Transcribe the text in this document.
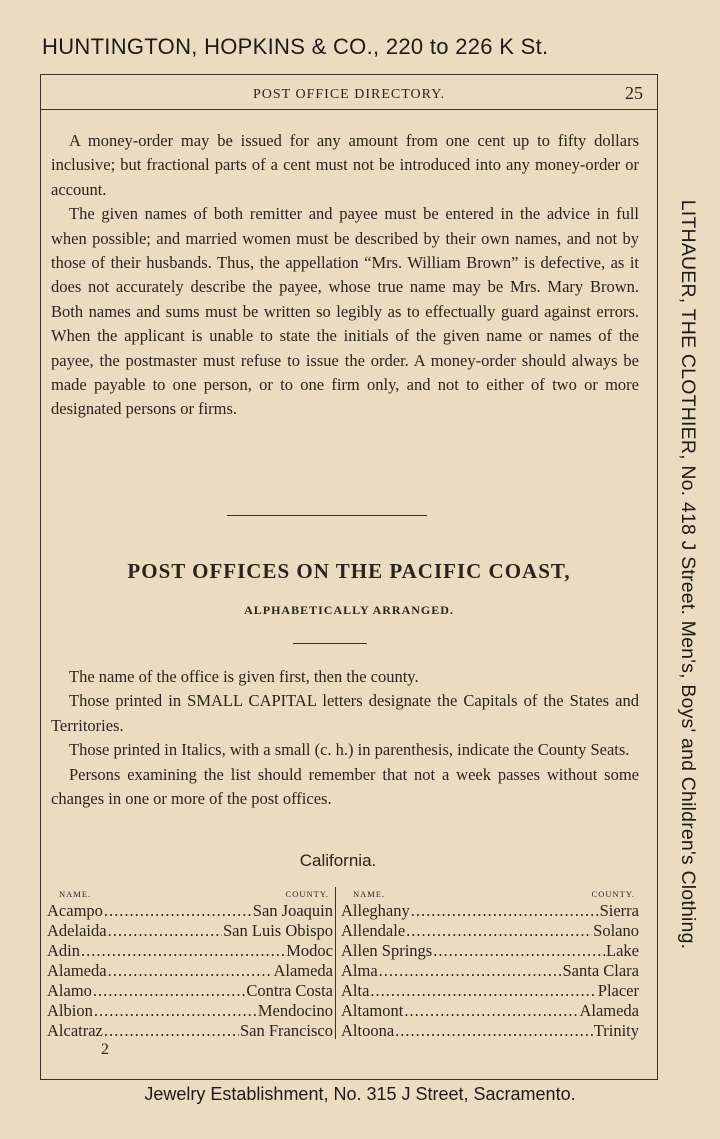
HUNTINGTON, HOPKINS & CO., 220 to 226 K St.
POST OFFICE DIRECTORY.	25

A money-order may be issued for any amount from one cent up to fifty dollars inclusive; but fractional parts of a cent must not be introduced into any money-order or account.

The given names of both remitter and payee must be entered in the advice in full when possible; and married women must be described by their own names, and not by those of their husbands. Thus, the appellation “Mrs. William Brown” is defective, as it does not accurately describe the payee, whose true name may be Mrs. Mary Brown. Both names and sums must be written so legibly as to effectually guard against errors. When the applicant is unable to state the initials of the given name or names of the payee, the postmaster must refuse to issue the order. A money-order should always be made payable to one person, or to one firm only, and not to either of two or more designated persons or firms.

POST OFFICES ON THE PACIFIC COAST,
ALPHABETICALLY ARRANGED.

The name of the office is given first, then the county.

Those printed in SMALL CAPITAL letters designate the Capitals of the States and Territories.

Those printed in Italics, with a small (c. h.) in parenthesis, indicate the County Seats.

Persons examining the list should remember that not a week passes without some changes in one or more of the post offices.

California.
NAME.	COUNTY.
Acampo .....	San Joaquin
Adelaida .....	San Luis Obispo
Adin .....	Modoc
Alameda .....	Alameda
Alamo .....	Contra Costa
Albion .....	Mendocino
Alcatraz .....	San Francisco
NAME.	COUNTY.
Alleghany .....	Sierra
Allendale .....	Solano
Allen Springs .....	Lake
Alma .....	Santa Clara
Alta .....	Placer
Altamont .....	Alameda
Altoona .....	Trinity
2
LITHAUER, THE CLOTHIER, No. 418 J Street. Men's, Boys' and Children's Clothing.
Jewelry Establishment, No. 315 J Street, Sacramento.
